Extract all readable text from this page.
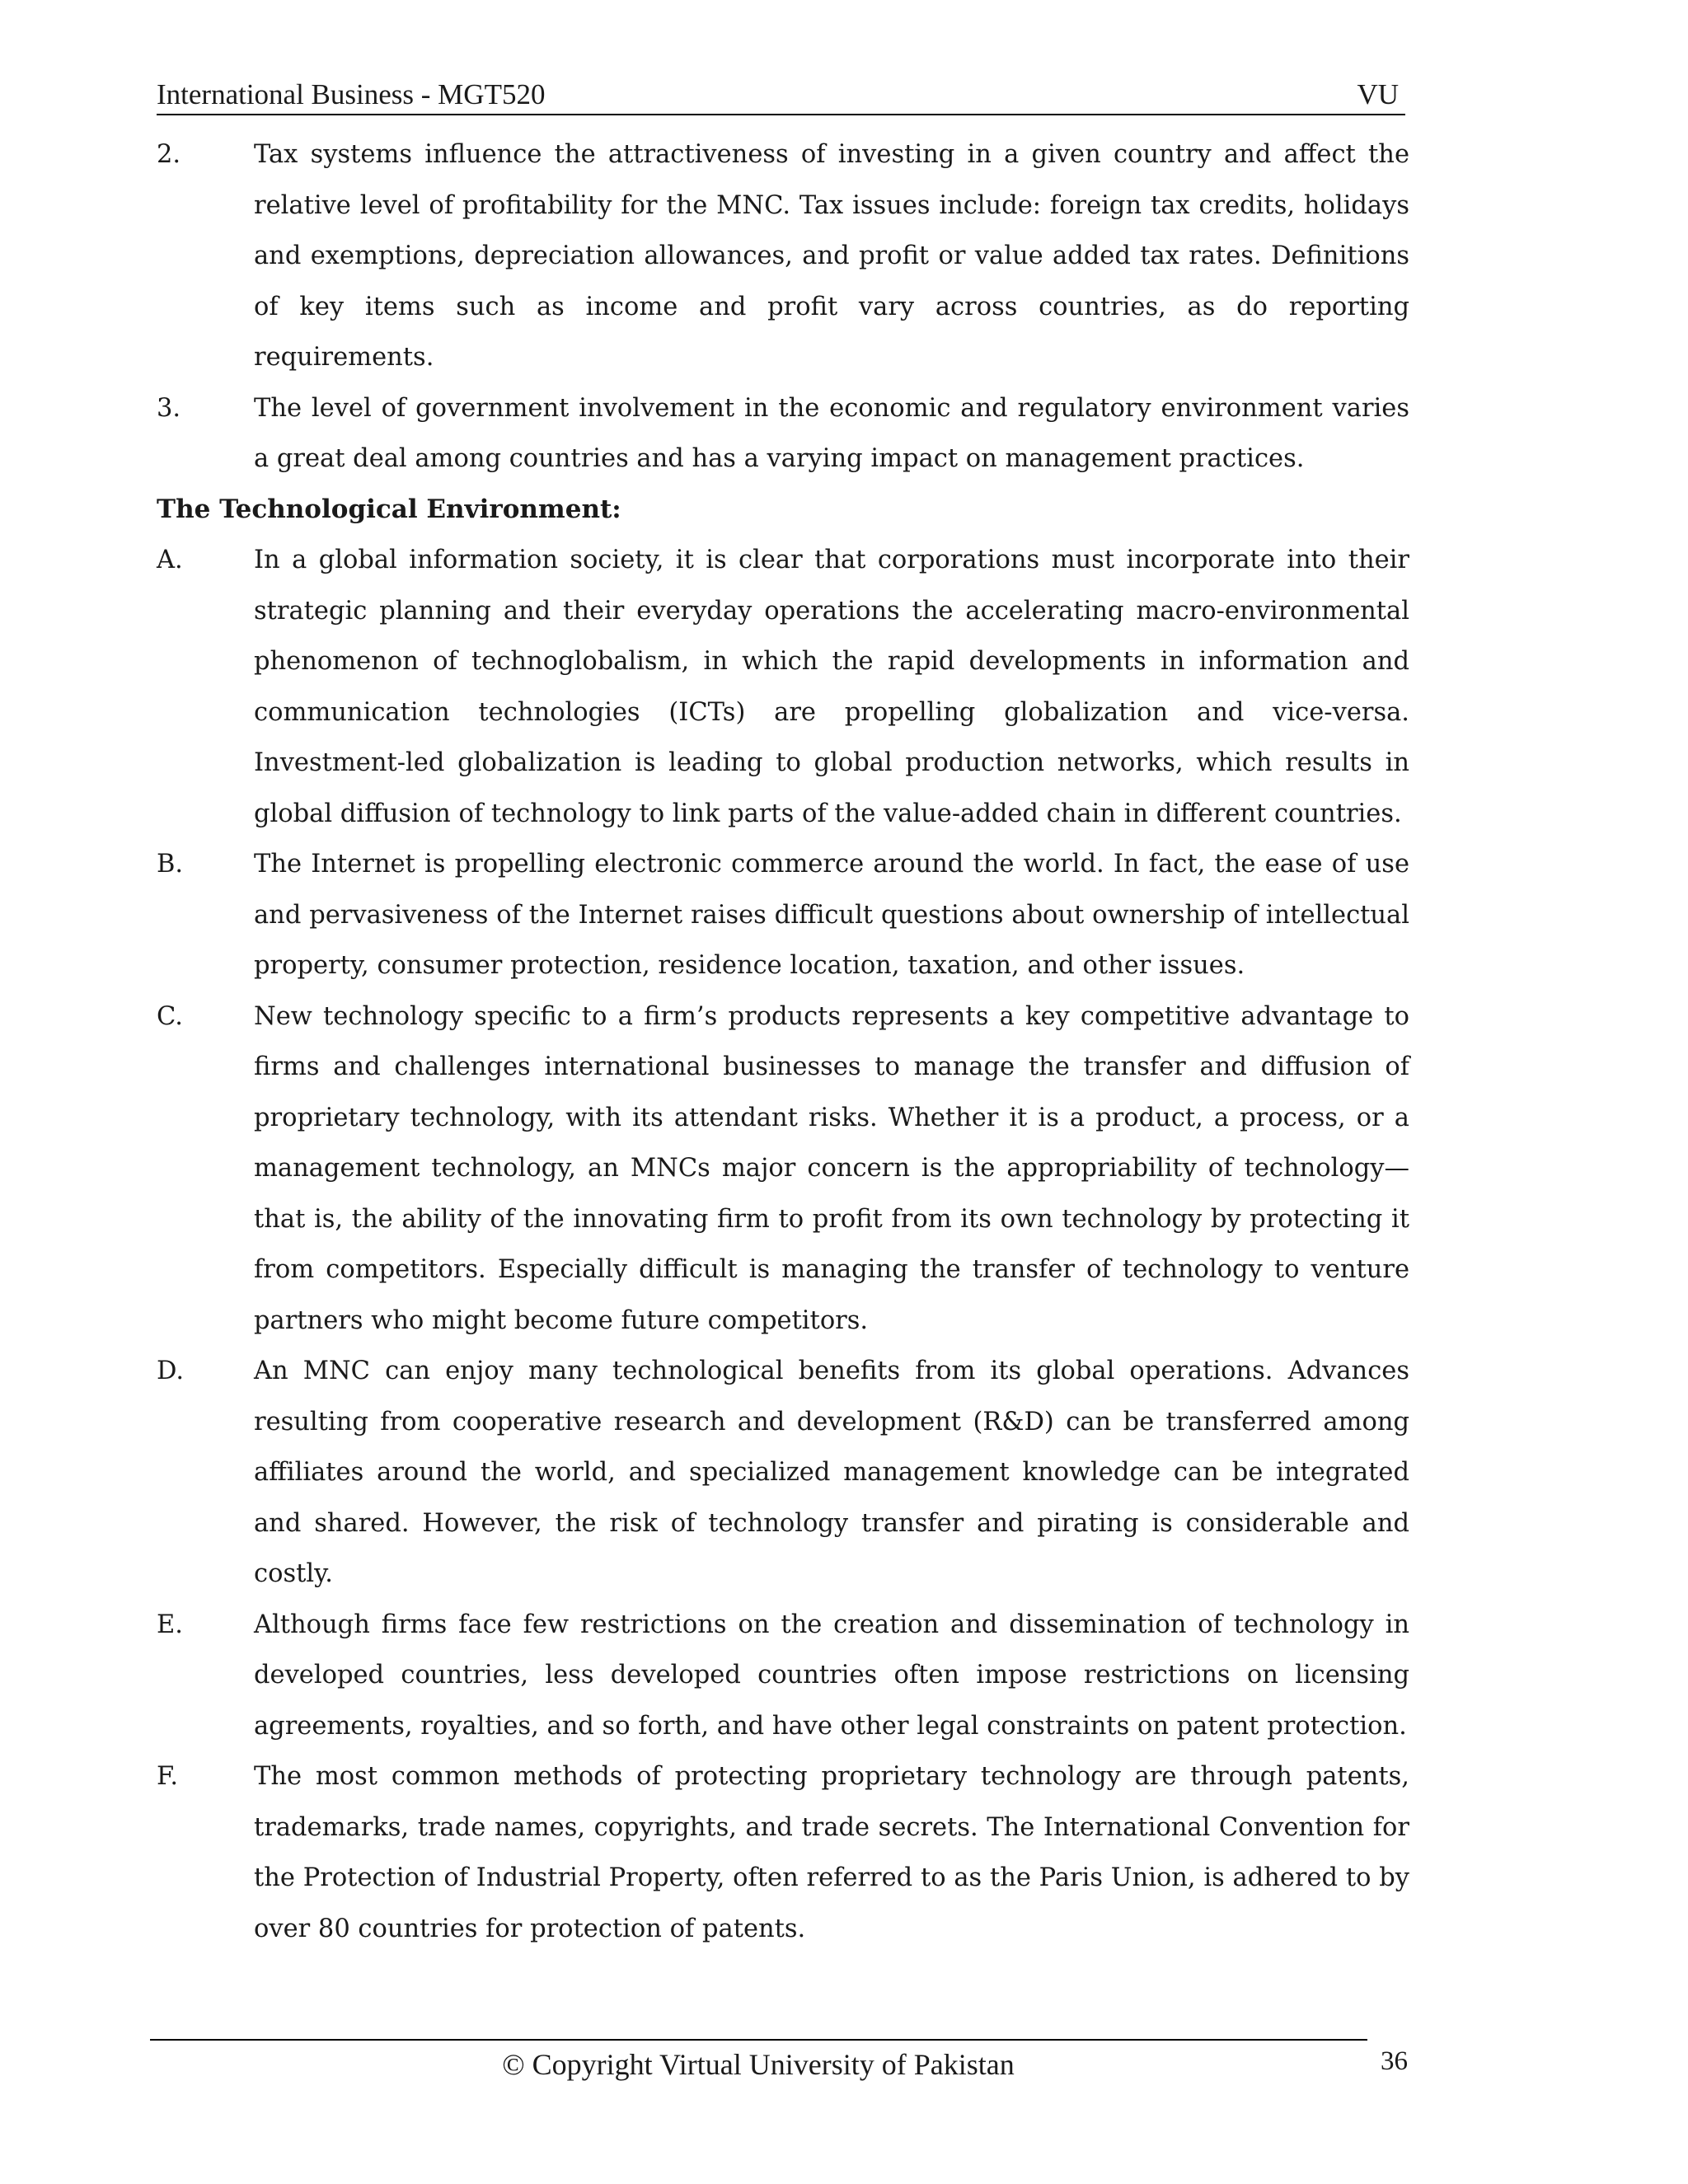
International Business - MGT520	VU
2.	Tax systems influence the attractiveness of investing in a given country and affect the relative level of profitability for the MNC. Tax issues include: foreign tax credits, holidays and exemptions, depreciation allowances, and profit or value added tax rates. Definitions of key items such as income and profit vary across countries, as do reporting requirements.
3.	The level of government involvement in the economic and regulatory environment varies a great deal among countries and has a varying impact on management practices.
The Technological Environment:
A.	In a global information society, it is clear that corporations must incorporate into their strategic planning and their everyday operations the accelerating macro-environmental phenomenon of technoglobalism, in which the rapid developments in information and communication technologies (ICTs) are propelling globalization and vice-versa. Investment-led globalization is leading to global production networks, which results in global diffusion of technology to link parts of the value-added chain in different countries.
B.	The Internet is propelling electronic commerce around the world. In fact, the ease of use and pervasiveness of the Internet raises difficult questions about ownership of intellectual property, consumer protection, residence location, taxation, and other issues.
C.	New technology specific to a firm’s products represents a key competitive advantage to firms and challenges international businesses to manage the transfer and diffusion of proprietary technology, with its attendant risks. Whether it is a product, a process, or a management technology, an MNCs major concern is the appropriability of technology—that is, the ability of the innovating firm to profit from its own technology by protecting it from competitors. Especially difficult is managing the transfer of technology to venture partners who might become future competitors.
D.	An MNC can enjoy many technological benefits from its global operations. Advances resulting from cooperative research and development (R&D) can be transferred among affiliates around the world, and specialized management knowledge can be integrated and shared. However, the risk of technology transfer and pirating is considerable and costly.
E.	Although firms face few restrictions on the creation and dissemination of technology in developed countries, less developed countries often impose restrictions on licensing agreements, royalties, and so forth, and have other legal constraints on patent protection.
F.	The most common methods of protecting proprietary technology are through patents, trademarks, trade names, copyrights, and trade secrets. The International Convention for the Protection of Industrial Property, often referred to as the Paris Union, is adhered to by over 80 countries for protection of patents.
© Copyright Virtual University of Pakistan	36
